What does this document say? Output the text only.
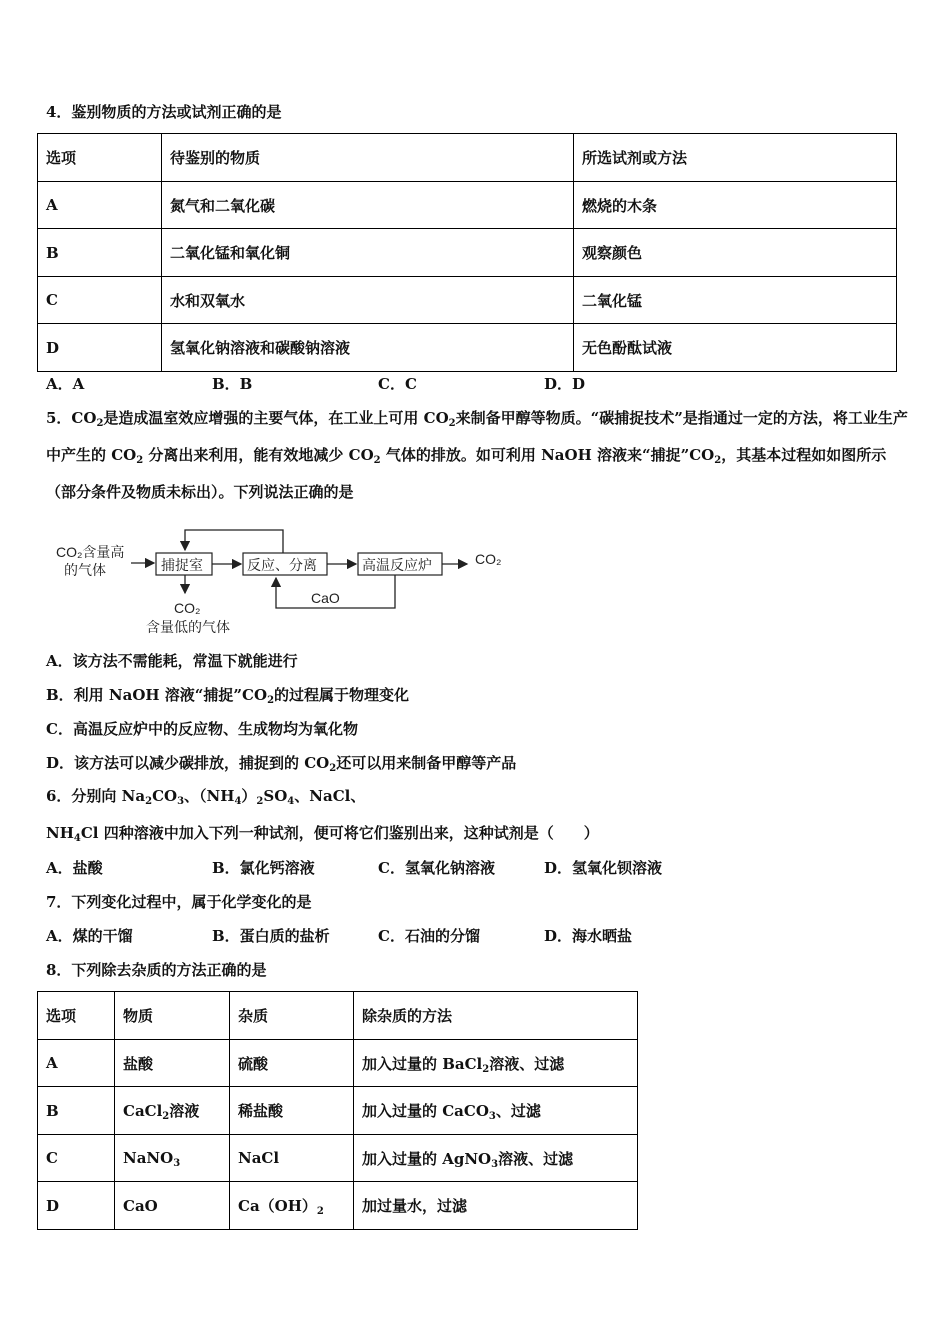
4．鉴别物质的方法或试剂正确的是
选项	待鉴别的物质	所选试剂或方法
A	氮气和二氧化碳	燃烧的木条
B	二氧化锰和氧化铜	观察颜色
C	水和双氧水	二氧化锰
D	氢氧化钠溶液和碳酸钠溶液	无色酚酞试液
A．A	B．B	C．C	D．D
5．$CO_2$是造成温室效应增强的主要气体，在工业上可用 $CO_2$来制备甲醇等物质。“碳捕捉技术”是指通过一定的方法，将工业生产中产生的 $CO_2$ 分离出来利用，能有效地减少 $CO_2$ 气体的排放。如可利用 NaOH 溶液来“捕捉$”CO_2$，其基本过程如如图所示（部分条件及物质未标出）。下列说法正确的是
CO₂含量高
的气体	捕捉室	反应、分离	高温反应炉	CO₂
CaO
CO₂
含量低的气体
A．该方法不需能耗，常温下就能进行
B．利用 NaOH 溶液“捕捉$”CO_2$的过程属于物理变化
C．高温反应炉中的反应物、生成物均为氧化物
D．该方法可以减少碳排放，捕捉到的 $CO_2$还可以用来制备甲醇等产品
6．分别向 $Na_2CO_3$、$(NH_4)_2SO_4$、NaCl、$NH_4Cl$ 四种溶液中加入下列一种试剂，便可将它们鉴别出来，这种试剂是（　　）
A．盐酸	B．氯化钙溶液	C．氢氧化钠溶液	D．氢氧化钡溶液
7．下列变化过程中，属于化学变化的是
A．煤的干馏	B．蛋白质的盐析	C．石油的分馏	D．海水晒盐
8．下列除去杂质的方法正确的是
选项	物质	杂质	除杂质的方法
A	盐酸	硫酸	加入过量的 BaCl$_2$溶液、过滤
B	CaCl$_2$溶液	稀盐酸	加入过量的 CaCO$_3$、过滤
C	NaNO$_3$	NaCl	加入过量的 AgNO$_3$溶液、过滤
D	CaO	$Ca(OH)_2$	加过量水，过滤
